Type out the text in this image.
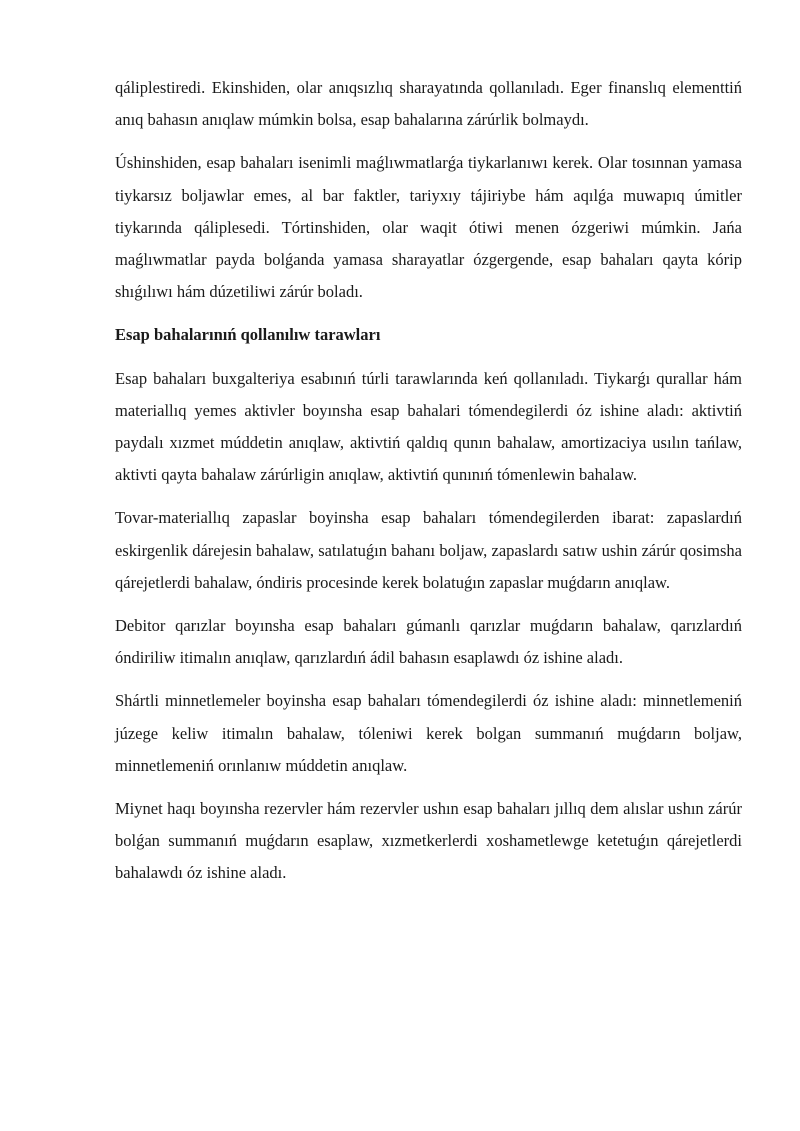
qáliplestiredi. Ekinshiden, olar anıqsızlıq sharayatında qollanıladı. Eger finanslıq elementtiń anıq bahasın anıqlaw múmkin bolsa, esap bahalarına zárúrlik bolmaydı.

Úshinshiden, esap bahaları isenimli maǵlıwmatlarǵa tiykarlanıwı kerek. Olar tosınnan yamasa tiykarsız boljawlar emes, al bar faktler, tariyxıy tájiriybe hám aqılǵa muwapıq úmitler tiykarında qáliplesedi. Tórtinshiden, olar waqit ótiwi menen ózgeriwi múmkin. Jańa maǵlıwmatlar payda bolǵanda yamasa sharayatlar ózgergende, esap bahaları qayta kórip shıǵılıwı hám dúzetiliwi zárúr boladı.

Esap bahalarınıń qollanılıw tarawları

Esap bahaları buxgalteriya esabınıń túrli tarawlarında keń qollanıladı. Tiykarǵı qurallar hám materiallıq yemes aktivler boyınsha esap bahalari tómendegilerdi óz ishine aladı: aktivtiń paydalı xızmet múddetin anıqlaw, aktivtiń qaldıq qunın bahalaw, amortizaciya usılın tańlaw, aktivti qayta bahalaw zárúrligin anıqlaw, aktivtiń qunınıń tómenlewin bahalaw.

Tovar-materiallıq zapaslar boyinsha esap bahaları tómendegilerden ibarat: zapaslardıń eskirgenlik dárejesin bahalaw, satılatuǵın bahanı boljaw, zapaslardı satıw ushin zárúr qosimsha qárejetlerdi bahalaw, óndiris procesinde kerek bolatuǵın zapaslar muǵdarın anıqlaw.

Debitor qarızlar boyınsha esap bahaları gúmanlı qarızlar muǵdarın bahalaw, qarızlardıń óndiriliw itimalın anıqlaw, qarızlardıń ádil bahasın esaplawdı óz ishine aladı.

Shártli minnetlemeler boyinsha esap bahaları tómendegilerdi óz ishine aladı: minnetlemeniń júzege keliw itimalın bahalaw, tóleniwi kerek bolgan summanıń muǵdarın boljaw, minnetlemeniń orınlanıw múddetin anıqlaw.

Miynet haqı boyınsha rezervler hám rezervler ushın esap bahaları jıllıq dem alıslar ushın zárúr bolǵan summanıń muǵdarın esaplaw, xızmetkerlerdi xoshametlewge ketetuǵın qárejetlerdi bahalawdı óz ishine aladı.
